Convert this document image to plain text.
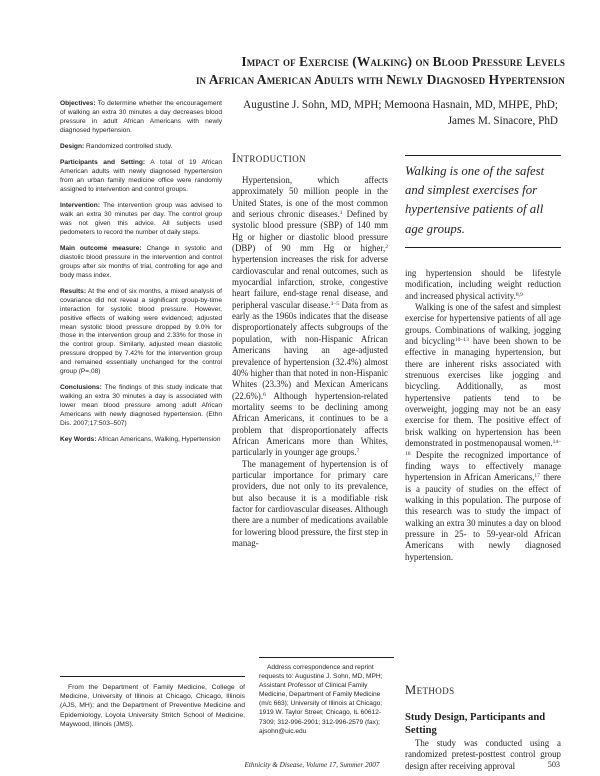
Impact of Exercise (Walking) on Blood Pressure Levels
in African American Adults with Newly Diagnosed Hypertension
Augustine J. Sohn, MD, MPH; Memoona Hasnain, MD, MHPE, PhD;
James M. Sinacore, PhD

Objectives: To determine whether the encouragement of walking an extra 30 minutes a day decreases blood pressure in adult African Americans with newly diagnosed hypertension.

Design: Randomized controlled study.

Participants and Setting: A total of 19 African American adults with newly diagnosed hypertension from an urban family medicine office were randomly assigned to intervention and control groups.

Intervention: The intervention group was advised to walk an extra 30 minutes per day. The control group was not given this advice. All subjects used pedometers to record the number of daily steps.

Main outcome measure: Change in systolic and diastolic blood pressure in the intervention and control groups after six months of trial, controlling for age and body mass index.

Results: At the end of six months, a mixed analysis of covariance did not reveal a significant group-by-time interaction for systolic blood pressure. However, positive effects of walking were evidenced; adjusted mean systolic blood pressure dropped by 9.0% for those in the intervention group and 2.33% for those in the control group. Similarly, adjusted mean diastolic pressure dropped by 7.42% for the intervention group and remained essentially unchanged for the control group (P=.08)

Conclusions: The findings of this study indicate that walking an extra 30 minutes a day is associated with lower mean blood pressure among adult African Americans with newly diagnosed hypertension. (Ethn Dis. 2007;17:503–507)

Key Words: African Americans, Walking, Hypertension

Introduction

Hypertension, which affects approximately 50 million people in the United States, is one of the most common and serious chronic diseases.$^1$ Defined by systolic blood pressure (SBP) of 140 mm Hg or higher or diastolic blood pressure (DBP) of 90 mm Hg or higher,$^2$ hypertension increases the risk for adverse cardiovascular and renal outcomes, such as myocardial infarction, stroke, congestive heart failure, end-stage renal disease, and peripheral vascular disease.$^{3-5}$ Data from as early as the 1960s indicates that the disease disproportionately affects subgroups of the population, with non-Hispanic African Americans having an age-adjusted prevalence of hypertension (32.4%) almost 40% higher than that noted in non-Hispanic Whites (23.3%) and Mexican Americans (22.6%).$^6$ Although hypertension-related mortality seems to be declining among African Americans, it continues to be a problem that disproportionately affects African Americans more than Whites, particularly in younger age groups.$^7$

The management of hypertension is of particular importance for primary care providers, due not only to its prevalence, but also because it is a modifiable risk factor for cardiovascular diseases. Although there are a number of medications available for lowering blood pressure, the first step in manag-

Walking is one of the safest and simplest exercises for hypertensive patients of all age groups.

ing hypertension should be lifestyle modification, including weight reduction and increased physical activity.$^{8,9}$

Walking is one of the safest and simplest exercise for hypertensive patients of all age groups. Combinations of walking, jogging and bicycling$^{10-13}$ have been shown to be effective in managing hypertension, but there are inherent risks associated with strenuous exercises like jogging and bicycling. Additionally, as most hypertensive patients tend to be overweight, jogging may not be an easy exercise for them. The positive effect of brisk walking on hypertension has been demonstrated in postmenopausal women.$^{14-16}$ Despite the recognized importance of finding ways to effectively manage hypertension in African Americans,$^{17}$ there is a paucity of studies on the effect of walking in this population. The purpose of this research was to study the impact of walking an extra 30 minutes a day on blood pressure in 25- to 59-year-old African Americans with newly diagnosed hypertension.

Methods
Study Design, Participants and Setting

The study was conducted using a randomized pretest-posttest control group design after receiving approval

From the Department of Family Medicine, College of Medicine, University of Illinois at Chicago, Chicago, Illinois (AJS, MH); and the Department of Preventive Medicine and Epidemiology, Loyola University Stritch School of Medicine, Maywood, Illinois (JMS).
Address correspondence and reprint requests to: Augustine J. Sohn, MD, MPH; Assistant Professor of Clinical Family Medicine, Department of Family Medicine (m/c 663); University of Illinois at Chicago; 1919 W. Taylor Street; Chicago, IL 60612-7309; 312-996-2901; 312-996-2579 (fax); ajsohn@uic.edu
Ethnicity & Disease, Volume 17, Summer 2007	503
